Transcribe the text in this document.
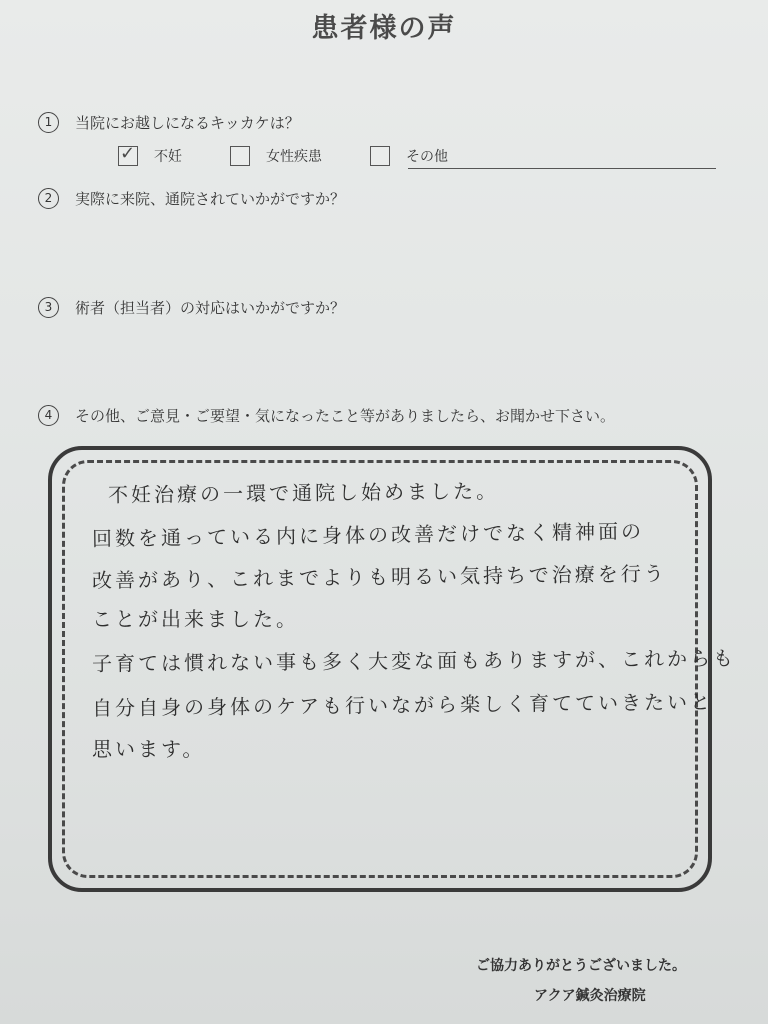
患者様の声
1 当院にお越しになるキッカケは？
✓ 不妊	女性疾患	その他
2 実際に来院、通院されていかがですか？
3 術者（担当者）の対応はいかがですか？
4 その他、ご意見・ご要望・気になったこと等がありましたら、お聞かせ下さい。
不妊治療の一環で通院し始めました。
回数を通っている内に身体の改善だけでなく精神面の
改善があり、これまでよりも明るい気持ちで治療を行う
ことが出来ました。
子育ては慣れない事も多く大変な面もありますが、これからも
自分自身の身体のケアも行いながら楽しく育てていきたいと
思います。
ご協力ありがとうございました。
アクア鍼灸治療院
